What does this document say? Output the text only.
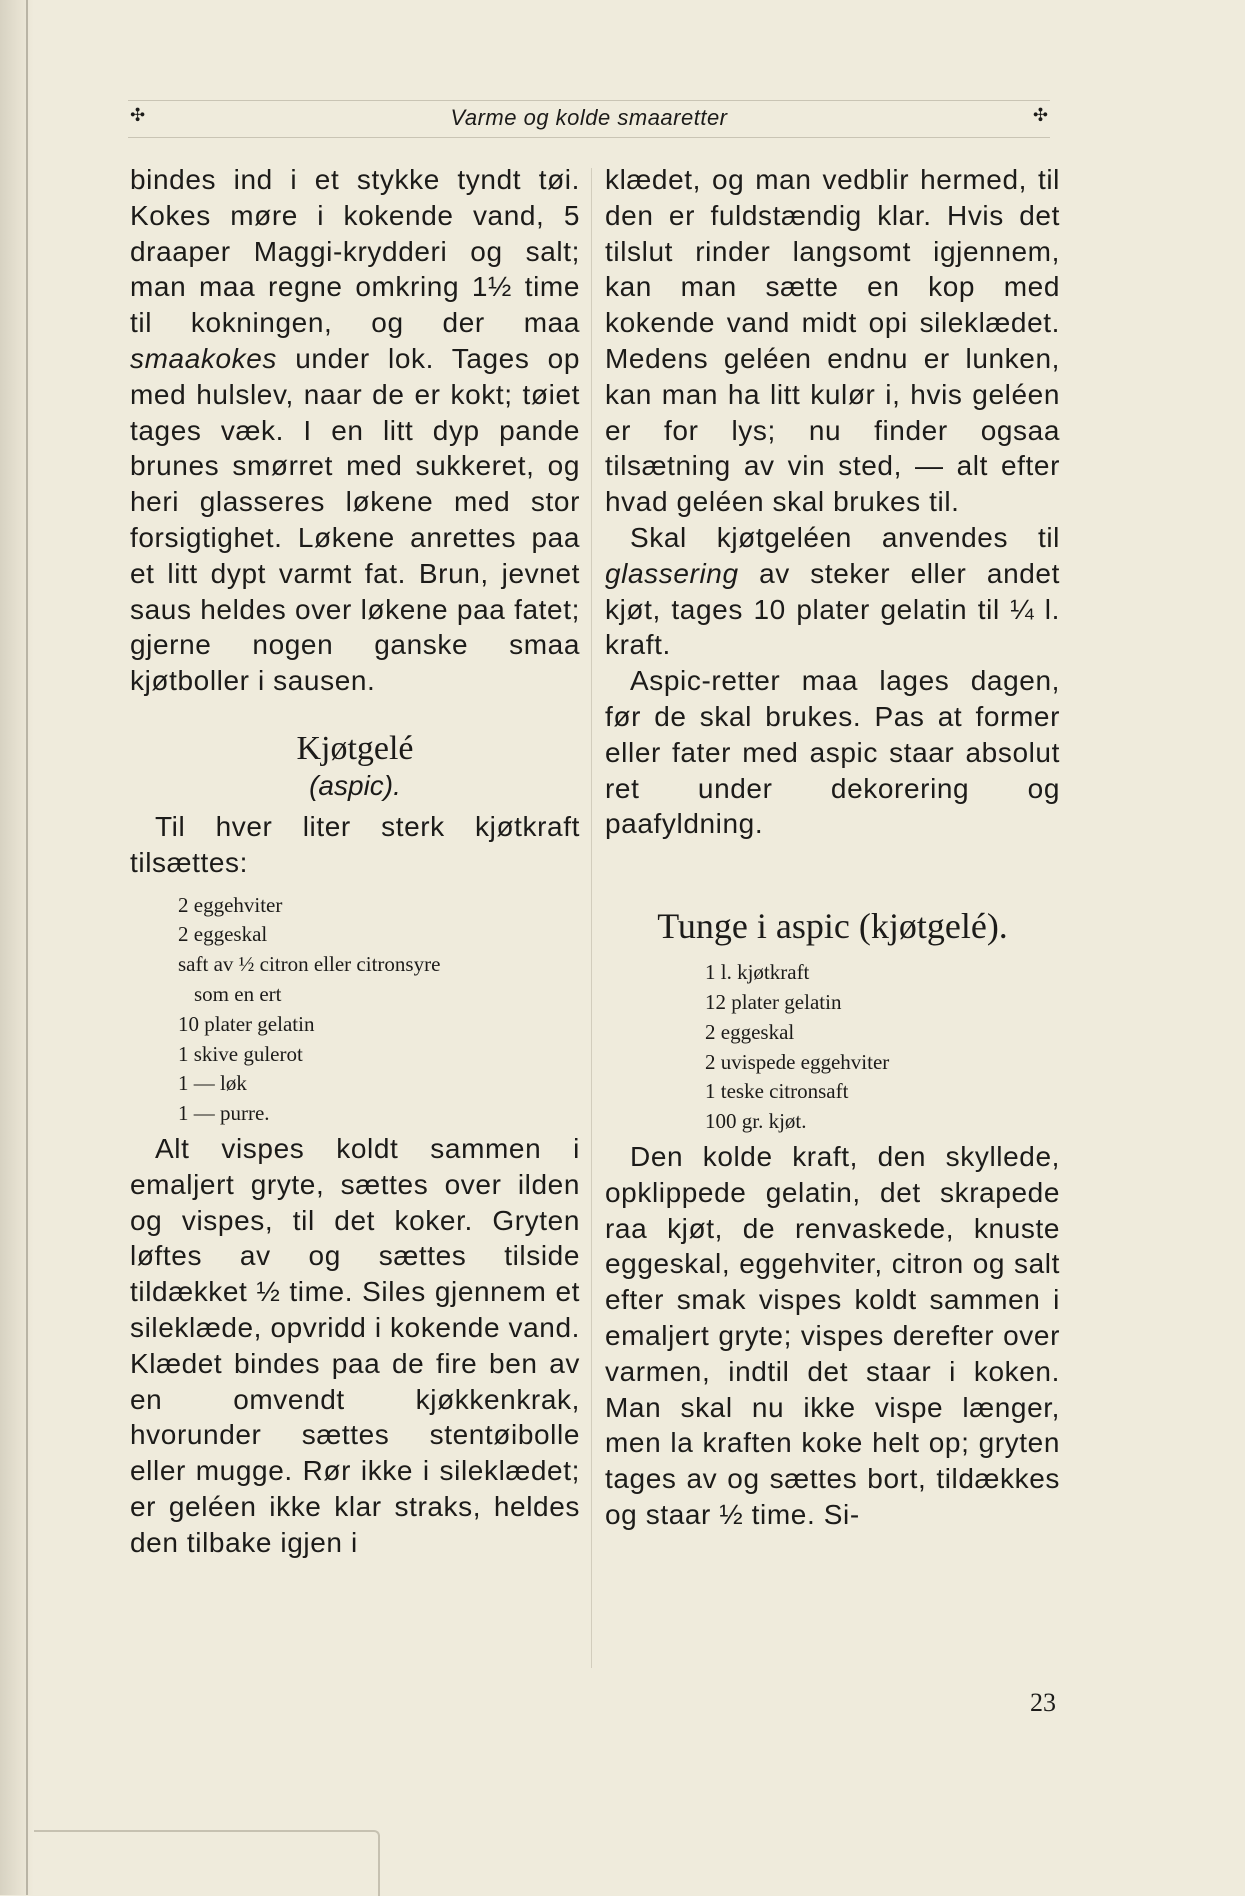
✣	Varme og kolde smaaretter	✣

bindes ind i et stykke tyndt tøi. Kokes møre i kokende vand, 5 draaper Maggi-krydderi og salt; man maa regne omkring 1½ time til kokningen, og der maa smaakokes under lok. Tages op med hulslev, naar de er kokt; tøiet tages væk. I en litt dyp pande brunes smørret med sukkeret, og heri glasseres løkene med stor forsigtighet. Løkene anrettes paa et litt dypt varmt fat. Brun, jevnet saus heldes over løkene paa fatet; gjerne nogen ganske smaa kjøtboller i sausen.

Kjøtgelé
(aspic).

Til hver liter sterk kjøtkraft tilsættes:

2 eggehviter
2 eggeskal
saft av ½ citron eller citronsyre
som en ert
10 plater gelatin
1 skive gulerot
1 — løk
1 — purre.

Alt vispes koldt sammen i emaljert gryte, sættes over ilden og vispes, til det koker. Gryten løftes av og sættes tilside tildækket ½ time. Siles gjennem et sileklæde, opvridd i kokende vand. Klædet bindes paa de fire ben av en omvendt kjøkkenkrak, hvorunder sættes stentøibolle eller mugge. Rør ikke i sileklædet; er geléen ikke klar straks, heldes den tilbake igjen i

klædet, og man vedblir hermed, til den er fuldstændig klar. Hvis det tilslut rinder langsomt igjennem, kan man sætte en kop med kokende vand midt opi sileklædet. Medens geléen endnu er lunken, kan man ha litt kulør i, hvis geléen er for lys; nu finder ogsaa tilsætning av vin sted, — alt efter hvad geléen skal brukes til.

Skal kjøtgeléen anvendes til glassering av steker eller andet kjøt, tages 10 plater gelatin til ¼ l. kraft.

Aspic-retter maa lages dagen, før de skal brukes. Pas at former eller fater med aspic staar absolut ret under dekorering og paafyldning.

Tunge i aspic (kjøtgelé).
1 l. kjøtkraft
12 plater gelatin
2 eggeskal
2 uvispede eggehviter
1 teske citronsaft
100 gr. kjøt.

Den kolde kraft, den skyllede, opklippede gelatin, det skrapede raa kjøt, de renvaskede, knuste eggeskal, eggehviter, citron og salt efter smak vispes koldt sammen i emaljert gryte; vispes derefter over varmen, indtil det staar i koken. Man skal nu ikke vispe længer, men la kraften koke helt op; gryten tages av og sættes bort, tildækkes og staar ½ time. Si-

23
